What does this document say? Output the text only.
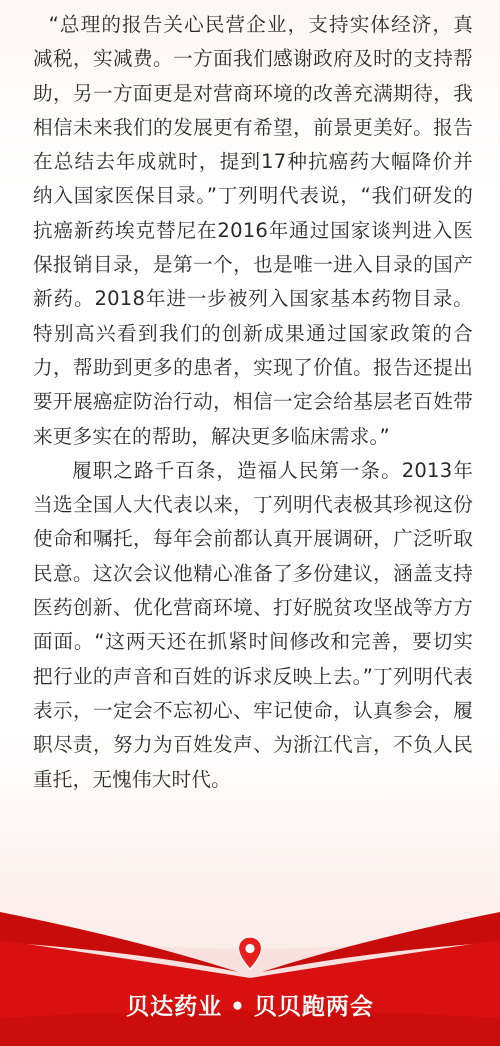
“总理的报告关心民营企业，支持实体经济，真减税，实减费。一方面我们感谢政府及时的支持帮助，另一方面更是对营商环境的改善充满期待，我相信未来我们的发展更有希望，前景更美好。报告在总结去年成就时，提到17种抗癌药大幅降价并纳入国家医保目录。”丁列明代表说，“我们研发的抗癌新药埃克替尼在2016年通过国家谈判进入医保报销目录，是第一个，也是唯一进入目录的国产新药。2018年进一步被列入国家基本药物目录。特别高兴看到我们的创新成果通过国家政策的合力，帮助到更多的患者，实现了价值。报告还提出要开展癌症防治行动，相信一定会给基层老百姓带来更多实在的帮助，解决更多临床需求。”

履职之路千百条，造福人民第一条。2013年当选全国人大代表以来，丁列明代表极其珍视这份使命和嘱托，每年会前都认真开展调研，广泛听取民意。这次会议他精心准备了多份建议，涵盖支持医药创新、优化营商环境、打好脱贫攻坚战等方方面面。“这两天还在抓紧时间修改和完善，要切实把行业的声音和百姓的诉求反映上去。”丁列明代表表示，一定会不忘初心、牢记使命，认真参会，履职尽责，努力为百姓发声、为浙江代言，不负人民重托，无愧伟大时代。

贝达药业 • 贝贝跑两会
